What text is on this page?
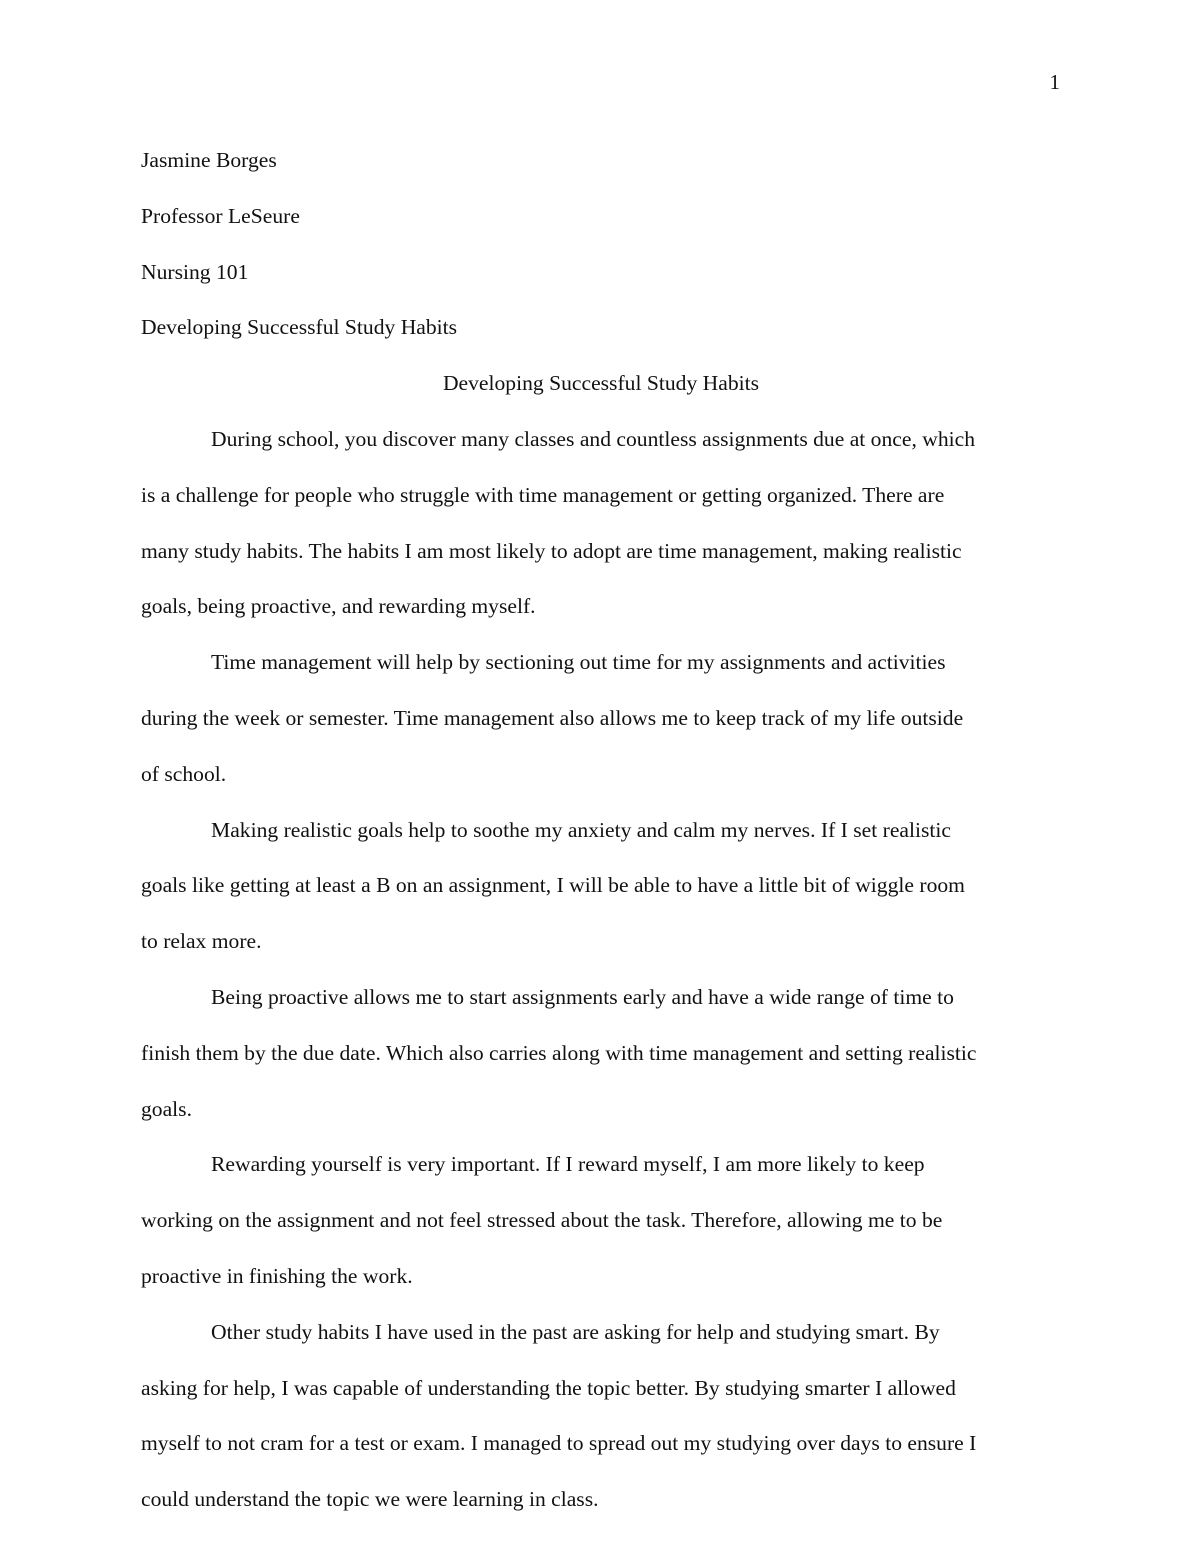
1

Jasmine Borges

Professor LeSeure

Nursing 101

Developing Successful Study Habits

Developing Successful Study Habits

During school, you discover many classes and countless assignments due at once, which
is a challenge for people who struggle with time management or getting organized. There are
many study habits. The habits I am most likely to adopt are time management, making realistic
goals, being proactive, and rewarding myself.

Time management will help by sectioning out time for my assignments and activities
during the week or semester. Time management also allows me to keep track of my life outside
of school.

Making realistic goals help to soothe my anxiety and calm my nerves. If I set realistic
goals like getting at least a B on an assignment, I will be able to have a little bit of wiggle room
to relax more.

Being proactive allows me to start assignments early and have a wide range of time to
finish them by the due date. Which also carries along with time management and setting realistic
goals.

Rewarding yourself is very important. If I reward myself, I am more likely to keep
working on the assignment and not feel stressed about the task. Therefore, allowing me to be
proactive in finishing the work.

Other study habits I have used in the past are asking for help and studying smart. By
asking for help, I was capable of understanding the topic better. By studying smarter I allowed
myself to not cram for a test or exam. I managed to spread out my studying over days to ensure I
could understand the topic we were learning in class.
